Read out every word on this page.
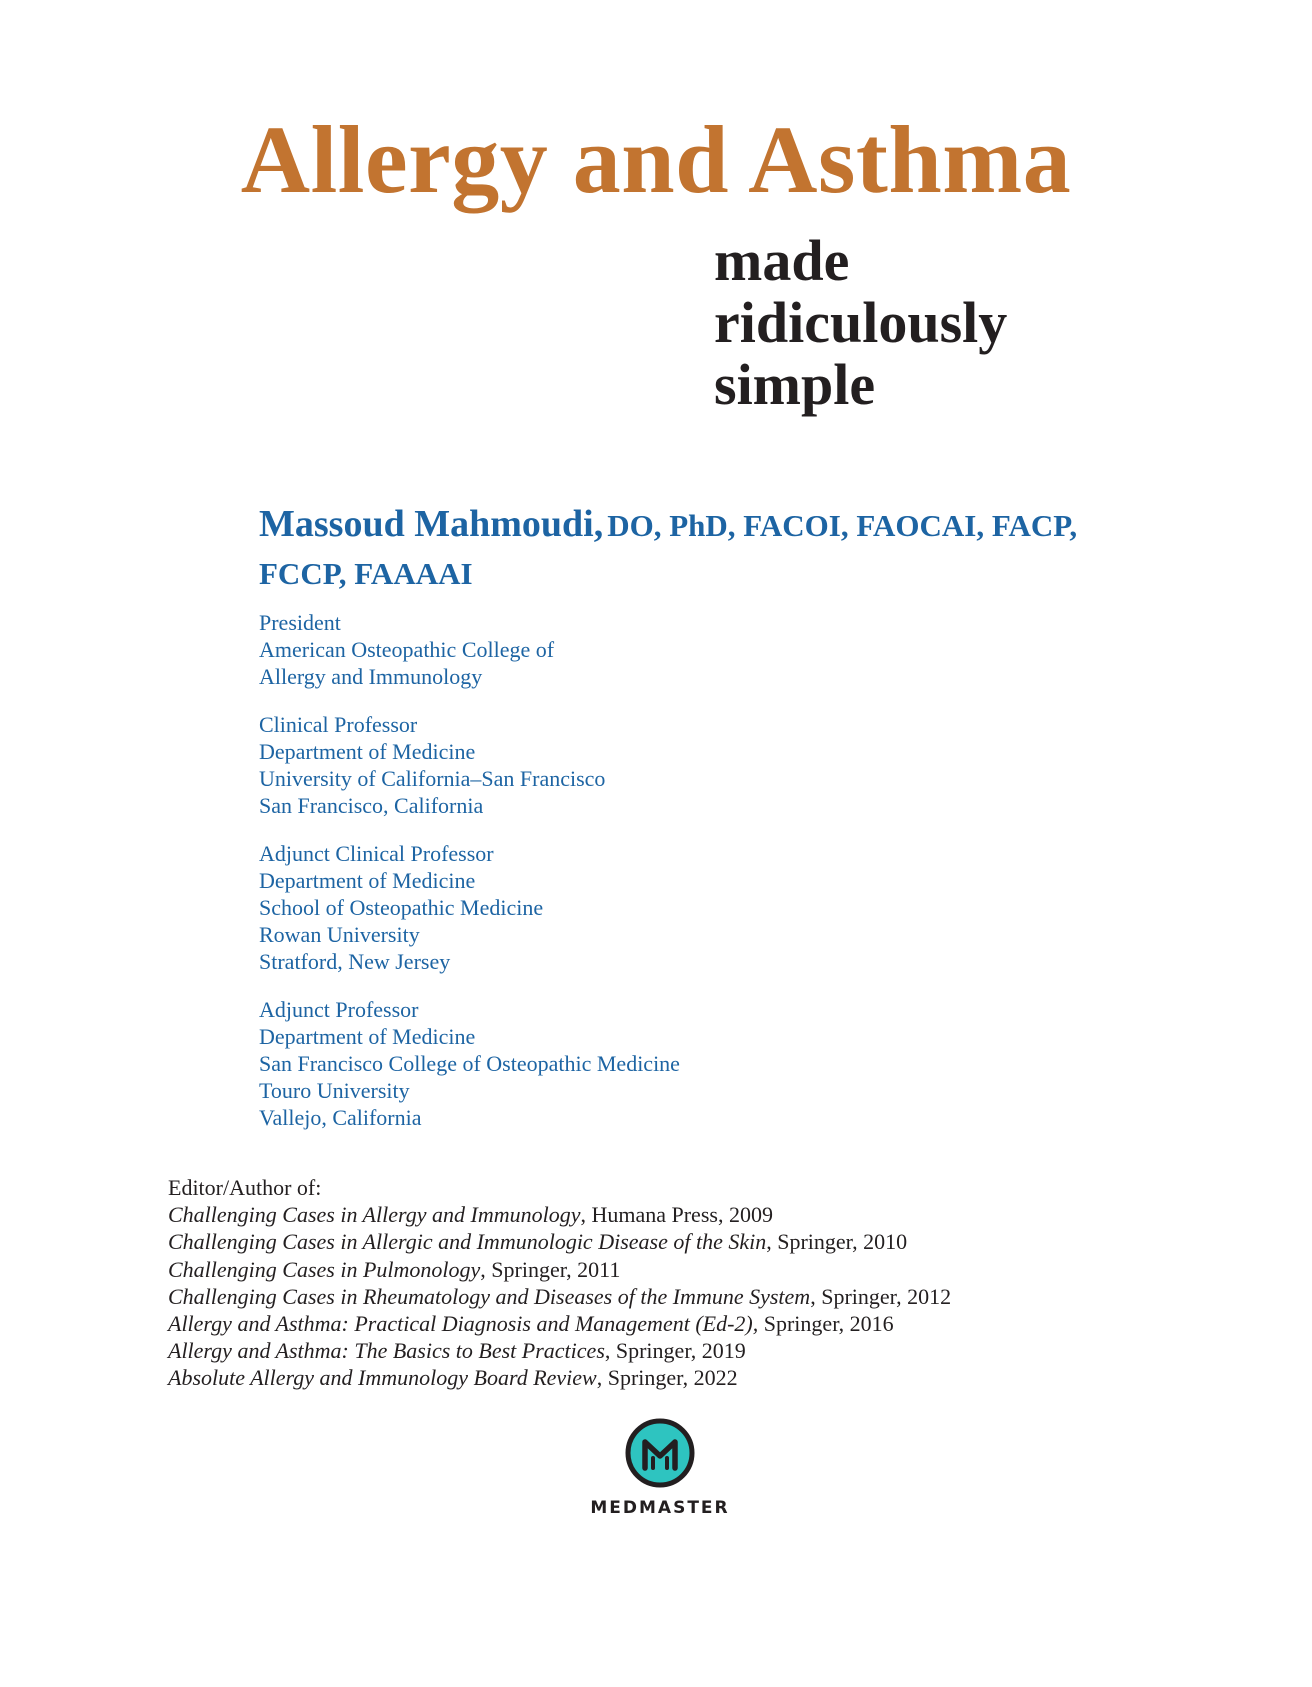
Allergy and Asthma
made
ridiculously
simple
Massoud Mahmoudi, DO, PhD, FACOI, FAOCAI, FACP,
FCCP, FAAAAI
President
American Osteopathic College of
Allergy and Immunology
Clinical Professor
Department of Medicine
University of California–San Francisco
San Francisco, California
Adjunct Clinical Professor
Department of Medicine
School of Osteopathic Medicine
Rowan University
Stratford, New Jersey
Adjunct Professor
Department of Medicine
San Francisco College of Osteopathic Medicine
Touro University
Vallejo, California
Editor/Author of:
Challenging Cases in Allergy and Immunology, Humana Press, 2009
Challenging Cases in Allergic and Immunologic Disease of the Skin, Springer, 2010
Challenging Cases in Pulmonology, Springer, 2011
Challenging Cases in Rheumatology and Diseases of the Immune System, Springer, 2012
Allergy and Asthma: Practical Diagnosis and Management (Ed-2), Springer, 2016
Allergy and Asthma: The Basics to Best Practices, Springer, 2019
Absolute Allergy and Immunology Board Review, Springer, 2022
MEDMASTER
